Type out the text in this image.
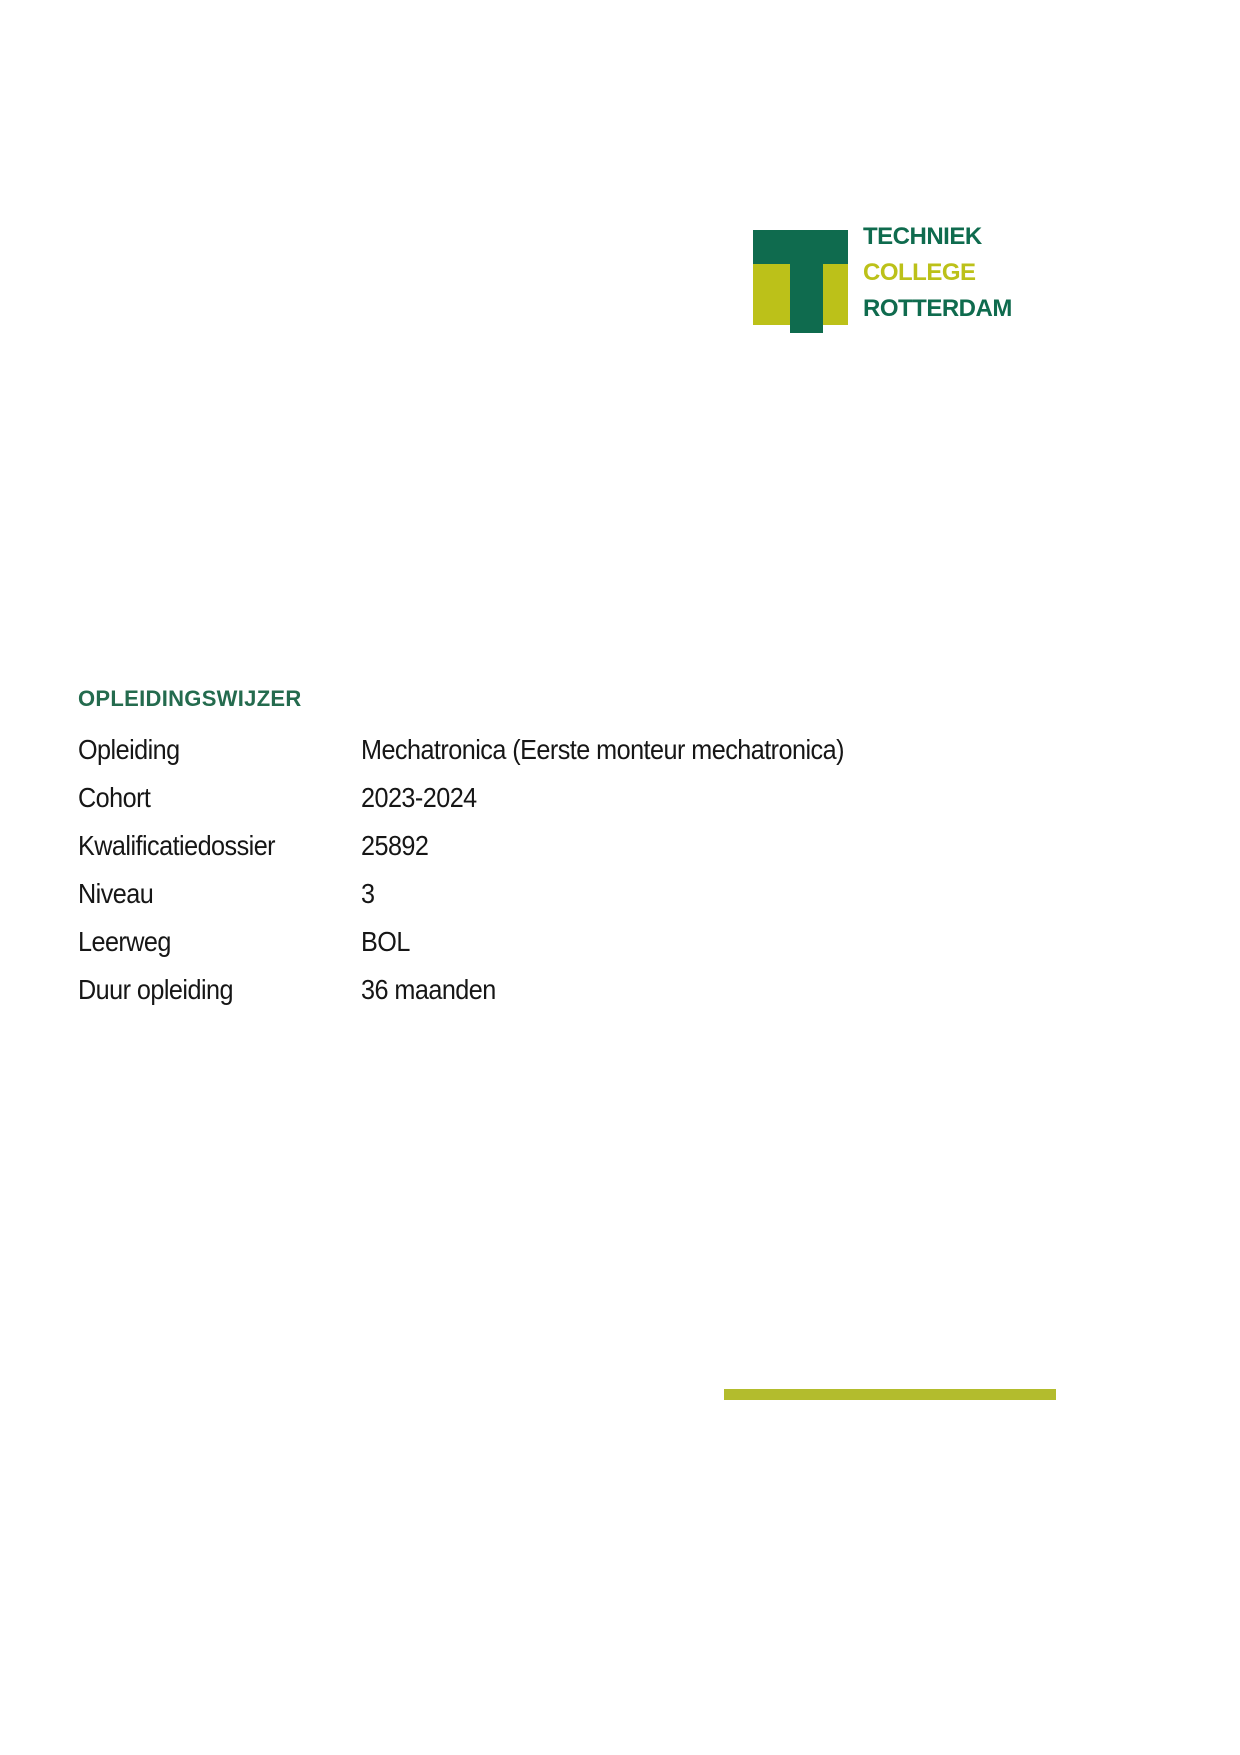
TECHNIEK
COLLEGE
ROTTERDAM
OPLEIDINGSWIJZER
Opleiding	Mechatronica (Eerste monteur mechatronica)
Cohort	2023-2024
Kwalificatiedossier	25892
Niveau	3
Leerweg	BOL
Duur opleiding	36 maanden
